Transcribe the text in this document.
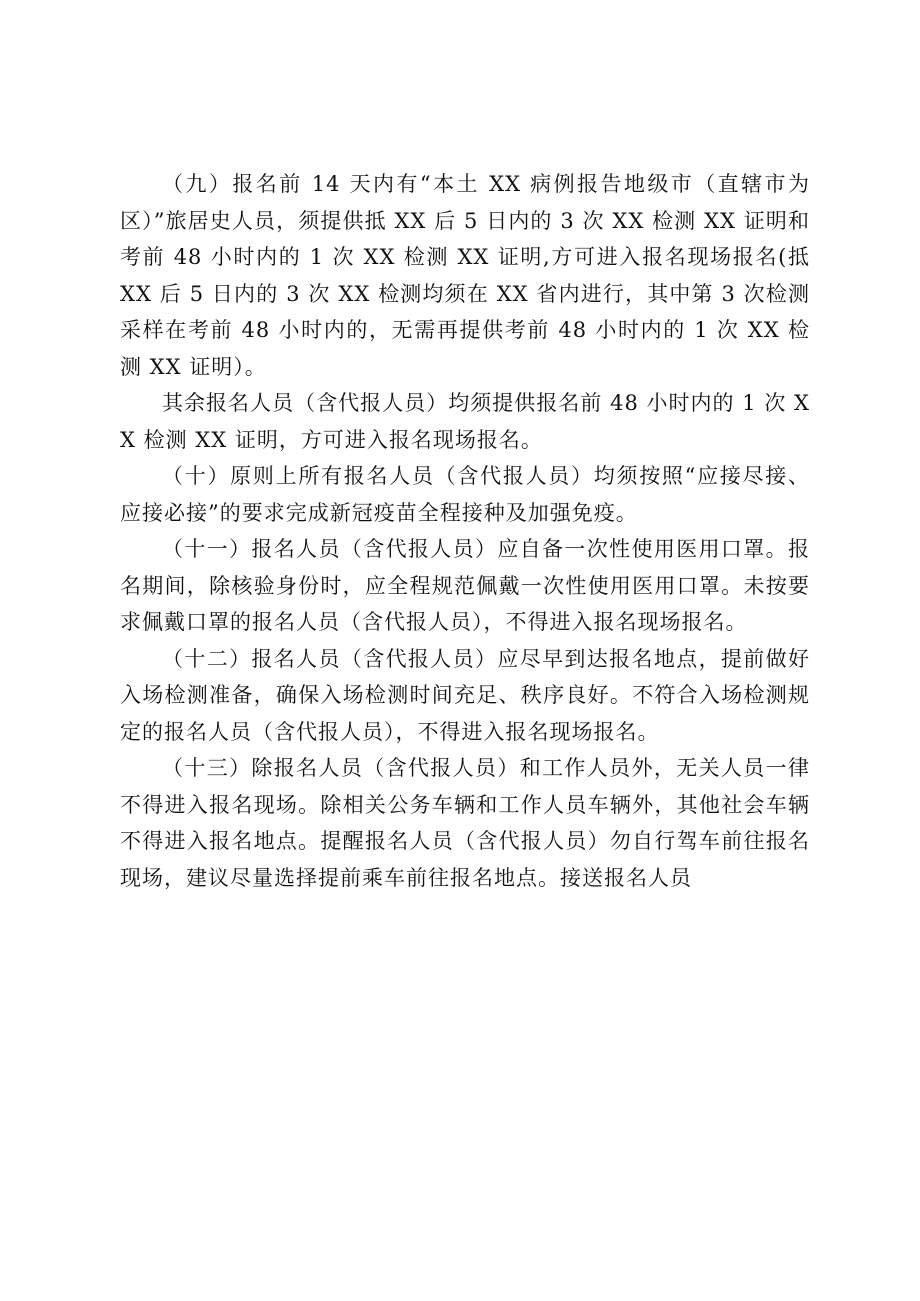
（九）报名前 14 天内有“本土 XX 病例报告地级市（直辖市为区）”旅居史人员，须提供抵 XX 后 5 日内的 3 次 XX 检测 XX 证明和考前 48 小时内的 1 次 XX 检测 XX 证明,方可进入报名现场报名(抵 XX 后 5 日内的 3 次 XX 检测均须在 XX 省内进行，其中第 3 次检测采样在考前 48 小时内的，无需再提供考前 48 小时内的 1 次 XX 检测 XX 证明）。

其余报名人员（含代报人员）均须提供报名前 48 小时内的 1 次 XX 检测 XX 证明，方可进入报名现场报名。

（十）原则上所有报名人员（含代报人员）均须按照“应接尽接、应接必接”的要求完成新冠疫苗全程接种及加强免疫。

（十一）报名人员（含代报人员）应自备一次性使用医用口罩。报名期间，除核验身份时，应全程规范佩戴一次性使用医用口罩。未按要求佩戴口罩的报名人员（含代报人员），不得进入报名现场报名。

（十二）报名人员（含代报人员）应尽早到达报名地点，提前做好入场检测准备，确保入场检测时间充足、秩序良好。不符合入场检测规定的报名人员（含代报人员），不得进入报名现场报名。

（十三）除报名人员（含代报人员）和工作人员外，无关人员一律不得进入报名现场。除相关公务车辆和工作人员车辆外，其他社会车辆不得进入报名地点。提醒报名人员（含代报人员）勿自行驾车前往报名现场，建议尽量选择提前乘车前往报名地点。接送报名人员
